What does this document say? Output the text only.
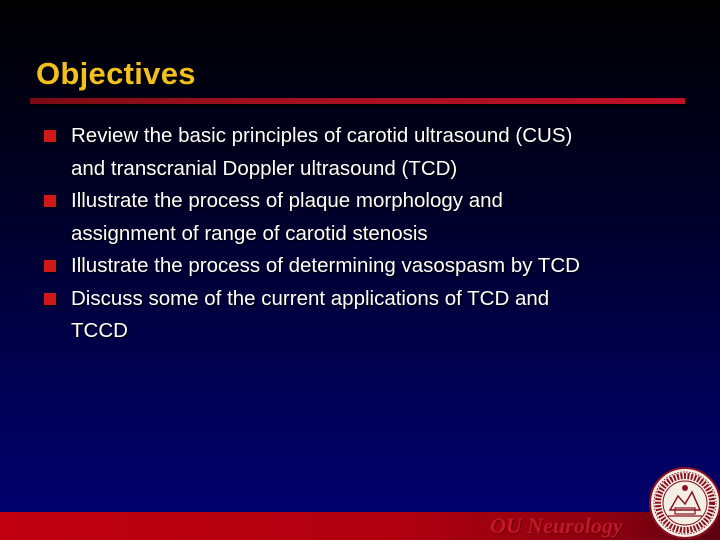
Objectives
Review the basic principles of carotid ultrasound (CUS)
and transcranial Doppler ultrasound (TCD)
Illustrate the process of plaque morphology and
assignment of range of carotid stenosis
Illustrate the process of determining vasospasm by TCD
Discuss some of the current applications of TCD and
TCCD
OU Neurology
